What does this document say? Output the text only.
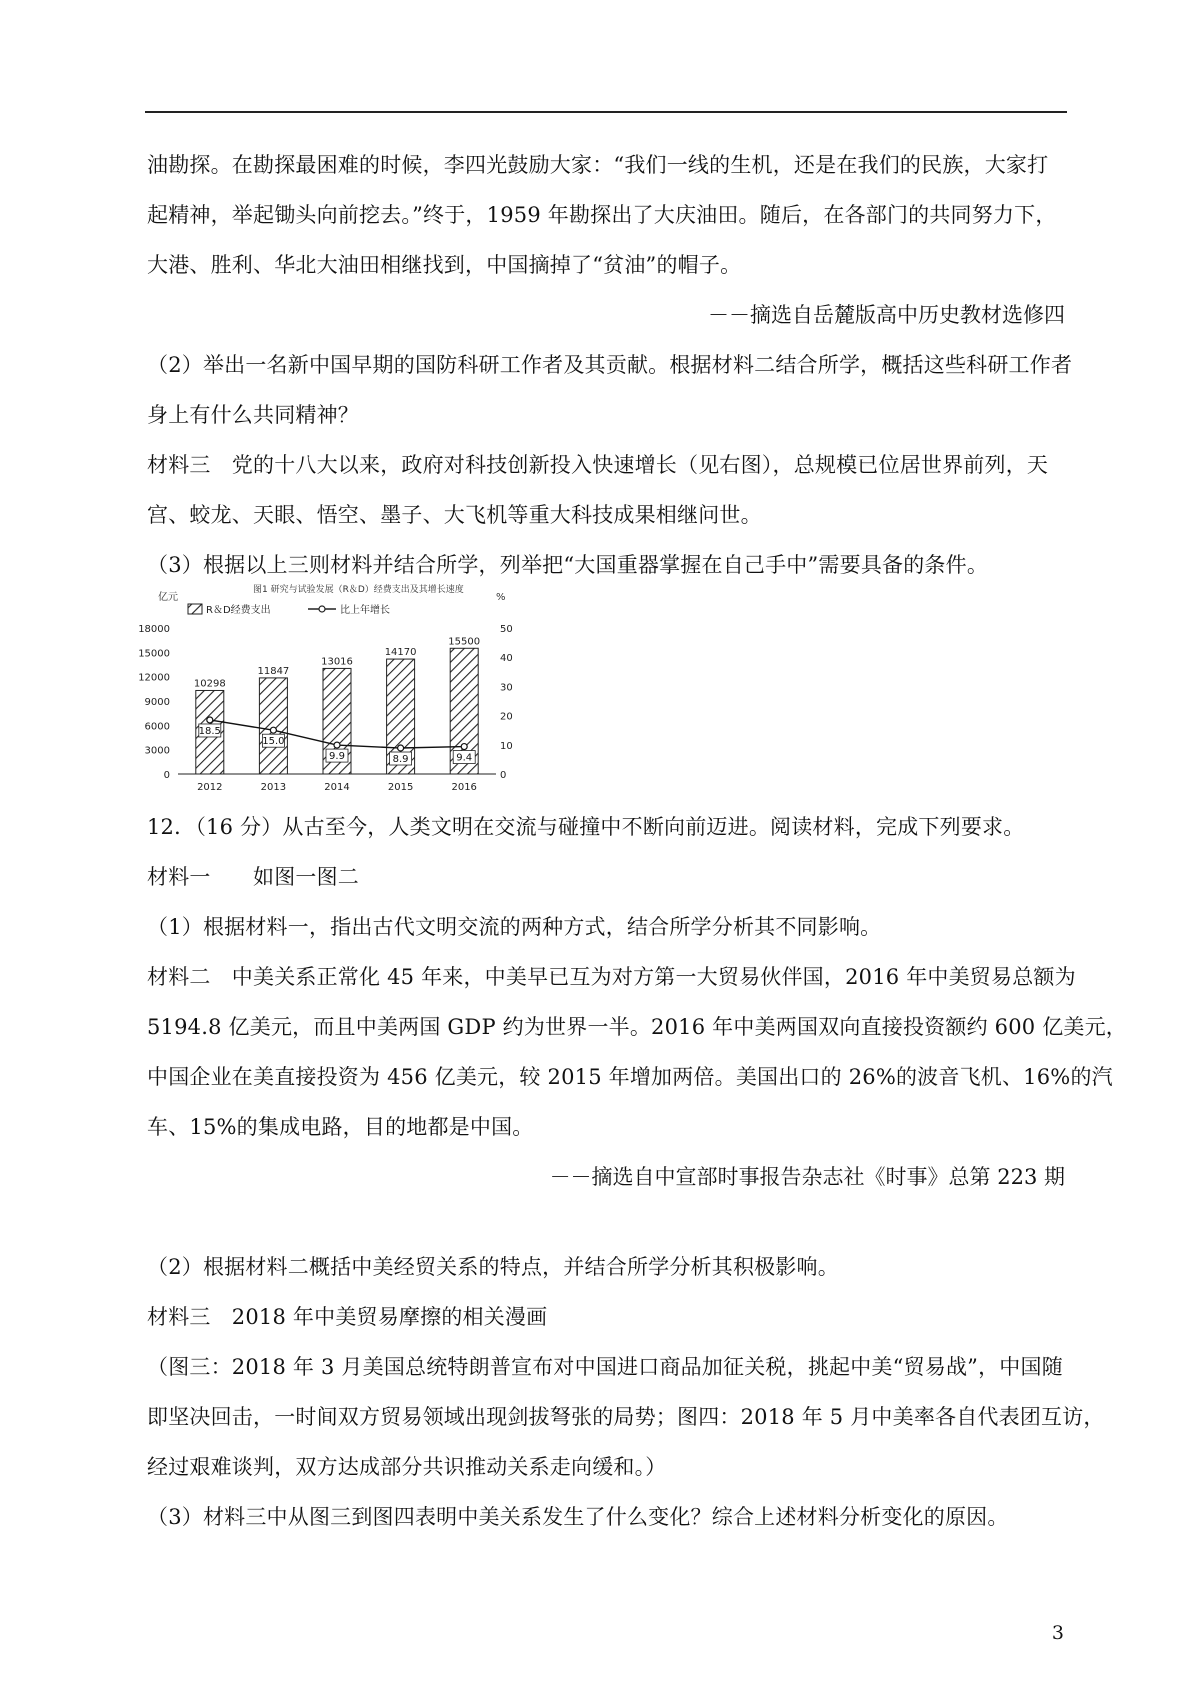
油勘探。在勘探最困难的时候，李四光鼓励大家：“我们一线的生机，还是在我们的民族，大家打
起精神，举起锄头向前挖去。”终于，1959 年勘探出了大庆油田。随后，在各部门的共同努力下，
大港、胜利、华北大油田相继找到，中国摘掉了“贫油”的帽子。
－－摘选自岳麓版高中历史教材选修四
（2）举出一名新中国早期的国防科研工作者及其贡献。根据材料二结合所学，概括这些科研工作者
身上有什么共同精神？
材料三　党的十八大以来，政府对科技创新投入快速增长（见右图），总规模已位居世界前列，天
宫、蛟龙、天眼、悟空、墨子、大飞机等重大科技成果相继问世。
（3）根据以上三则材料并结合所学，列举把“大国重器掌握在自己手中”需要具备的条件。
图1 研究与试验发展（R＆D）经费支出及其增长速度
亿元	%
R＆D经费支出	比上年增长
0
3000
6000
9000
12000
15000
18000
0
10
20
30
40
50
10298
2012
11847
2013
13016
2014
14170
2015
15500
2016
18.5
15.0
9.9	8.9	9.4
12．（16 分）从古至今，人类文明在交流与碰撞中不断向前迈进。阅读材料，完成下列要求。
材料一　　如图一图二
（1）根据材料一，指出古代文明交流的两种方式，结合所学分析其不同影响。
材料二　中美关系正常化 45 年来，中美早已互为对方第一大贸易伙伴国，2016 年中美贸易总额为
5194.8 亿美元，而且中美两国 GDP 约为世界一半。2016 年中美两国双向直接投资额约 600 亿美元，
中国企业在美直接投资为 456 亿美元，较 2015 年增加两倍。美国出口的 26%的波音飞机、16%的汽
车、15%的集成电路，目的地都是中国。
－－摘选自中宣部时事报告杂志社《时事》总第 223 期
（2）根据材料二概括中美经贸关系的特点，并结合所学分析其积极影响。
材料三　2018 年中美贸易摩擦的相关漫画
（图三：2018 年 3 月美国总统特朗普宣布对中国进口商品加征关税，挑起中美“贸易战”，中国随
即坚决回击，一时间双方贸易领域出现剑拔弩张的局势；图四：2018 年 5 月中美率各自代表团互访，
经过艰难谈判，双方达成部分共识推动关系走向缓和。）
（3）材料三中从图三到图四表明中美关系发生了什么变化？综合上述材料分析变化的原因。
3
